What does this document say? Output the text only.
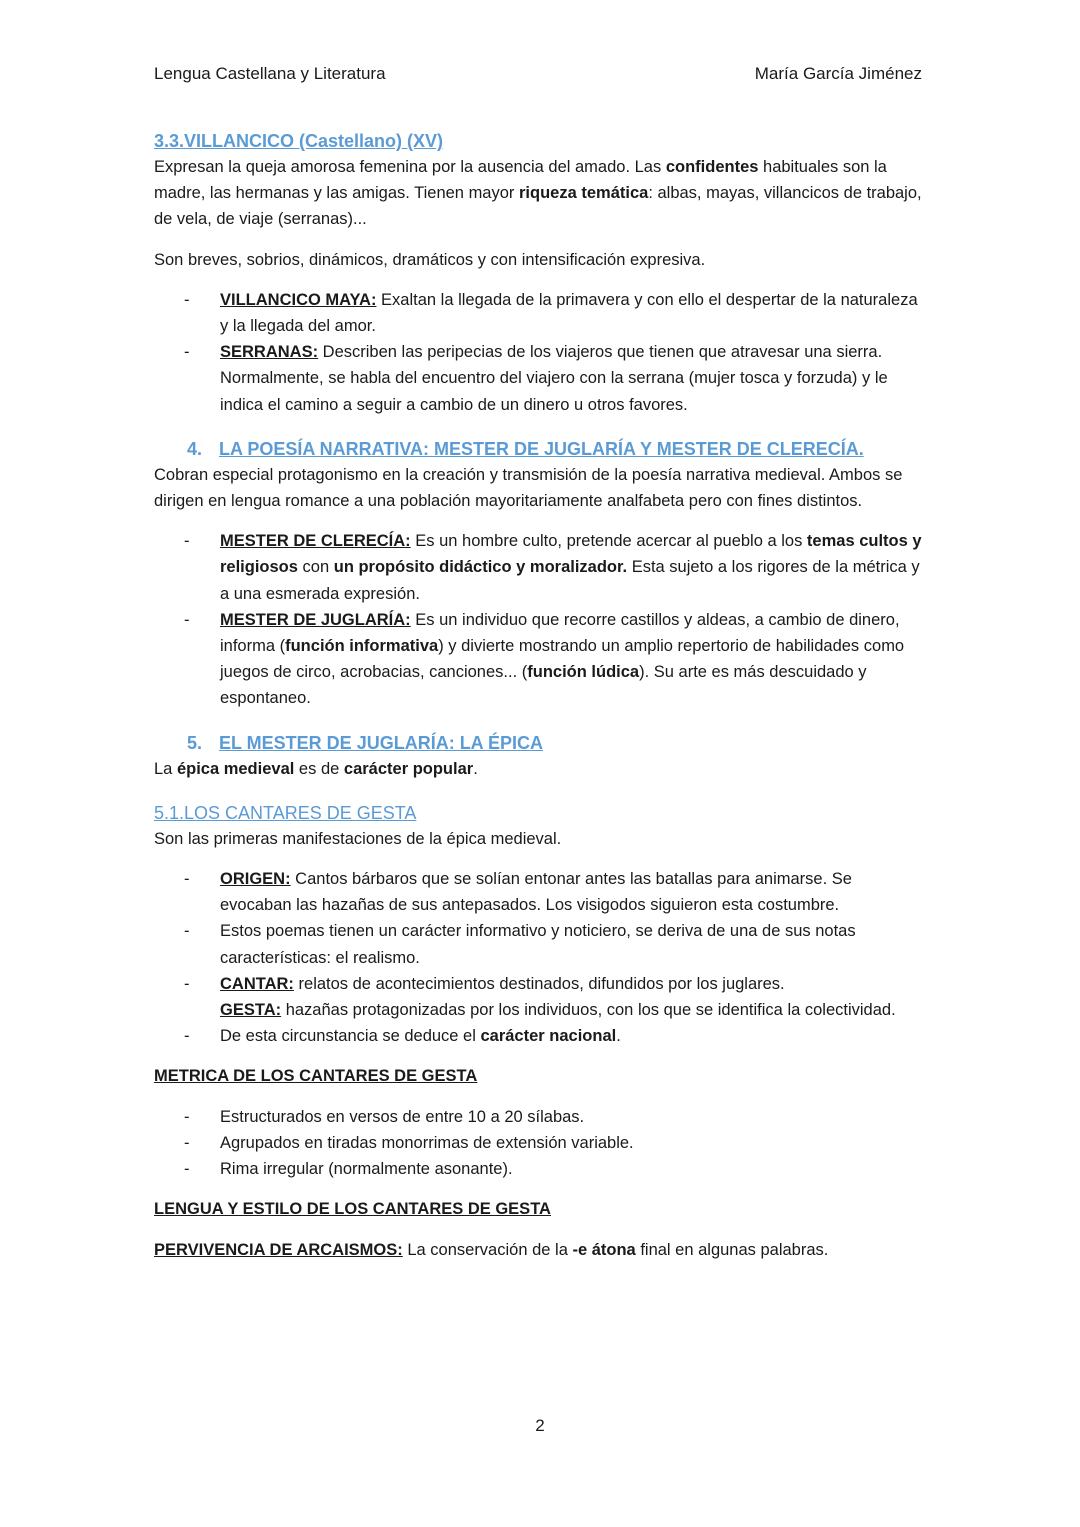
Lengua Castellana y Literatura	María García Jiménez
3.3.VILLANCICO (Castellano) (XV)

Expresan la queja amorosa femenina por la ausencia del amado. Las confidentes habituales son la madre, las hermanas y las amigas. Tienen mayor riqueza temática: albas, mayas, villancicos de trabajo, de vela, de viaje (serranas)...

Son breves, sobrios, dinámicos, dramáticos y con intensificación expresiva.

- VILLANCICO MAYA: Exaltan la llegada de la primavera y con ello el despertar de la naturaleza y la llegada del amor.
- SERRANAS: Describen las peripecias de los viajeros que tienen que atravesar una sierra. Normalmente, se habla del encuentro del viajero con la serrana (mujer tosca y forzuda) y le indica el camino a seguir a cambio de un dinero u otros favores.
4. LA POESÍA NARRATIVA: MESTER DE JUGLARÍA Y MESTER DE CLERECÍA.

Cobran especial protagonismo en la creación y transmisión de la poesía narrativa medieval. Ambos se dirigen en lengua romance a una población mayoritariamente analfabeta pero con fines distintos.

- MESTER DE CLERECÍA: Es un hombre culto, pretende acercar al pueblo a los temas cultos y religiosos con un propósito didáctico y moralizador. Esta sujeto a los rigores de la métrica y a una esmerada expresión.
- MESTER DE JUGLARÍA: Es un individuo que recorre castillos y aldeas, a cambio de dinero, informa (función informativa) y divierte mostrando un amplio repertorio de habilidades como juegos de circo, acrobacias, canciones... (función lúdica). Su arte es más descuidado y espontaneo.
5. EL MESTER DE JUGLARÍA: LA ÉPICA

La épica medieval es de carácter popular.

5.1.LOS CANTARES DE GESTA

Son las primeras manifestaciones de la épica medieval.

- ORIGEN: Cantos bárbaros que se solían entonar antes las batallas para animarse. Se evocaban las hazañas de sus antepasados. Los visigodos siguieron esta costumbre.
- Estos poemas tienen un carácter informativo y noticiero, se deriva de una de sus notas características: el realismo.
- CANTAR: relatos de acontecimientos destinados, difundidos por los juglares.
GESTA: hazañas protagonizadas por los individuos, con los que se identifica la colectividad.
- De esta circunstancia se deduce el carácter nacional.

METRICA DE LOS CANTARES DE GESTA

- Estructurados en versos de entre 10 a 20 sílabas.
- Agrupados en tiradas monorrimas de extensión variable.
- Rima irregular (normalmente asonante).

LENGUA Y ESTILO DE LOS CANTARES DE GESTA

PERVIVENCIA DE ARCAISMOS: La conservación de la -e átona final en algunas palabras.

2
